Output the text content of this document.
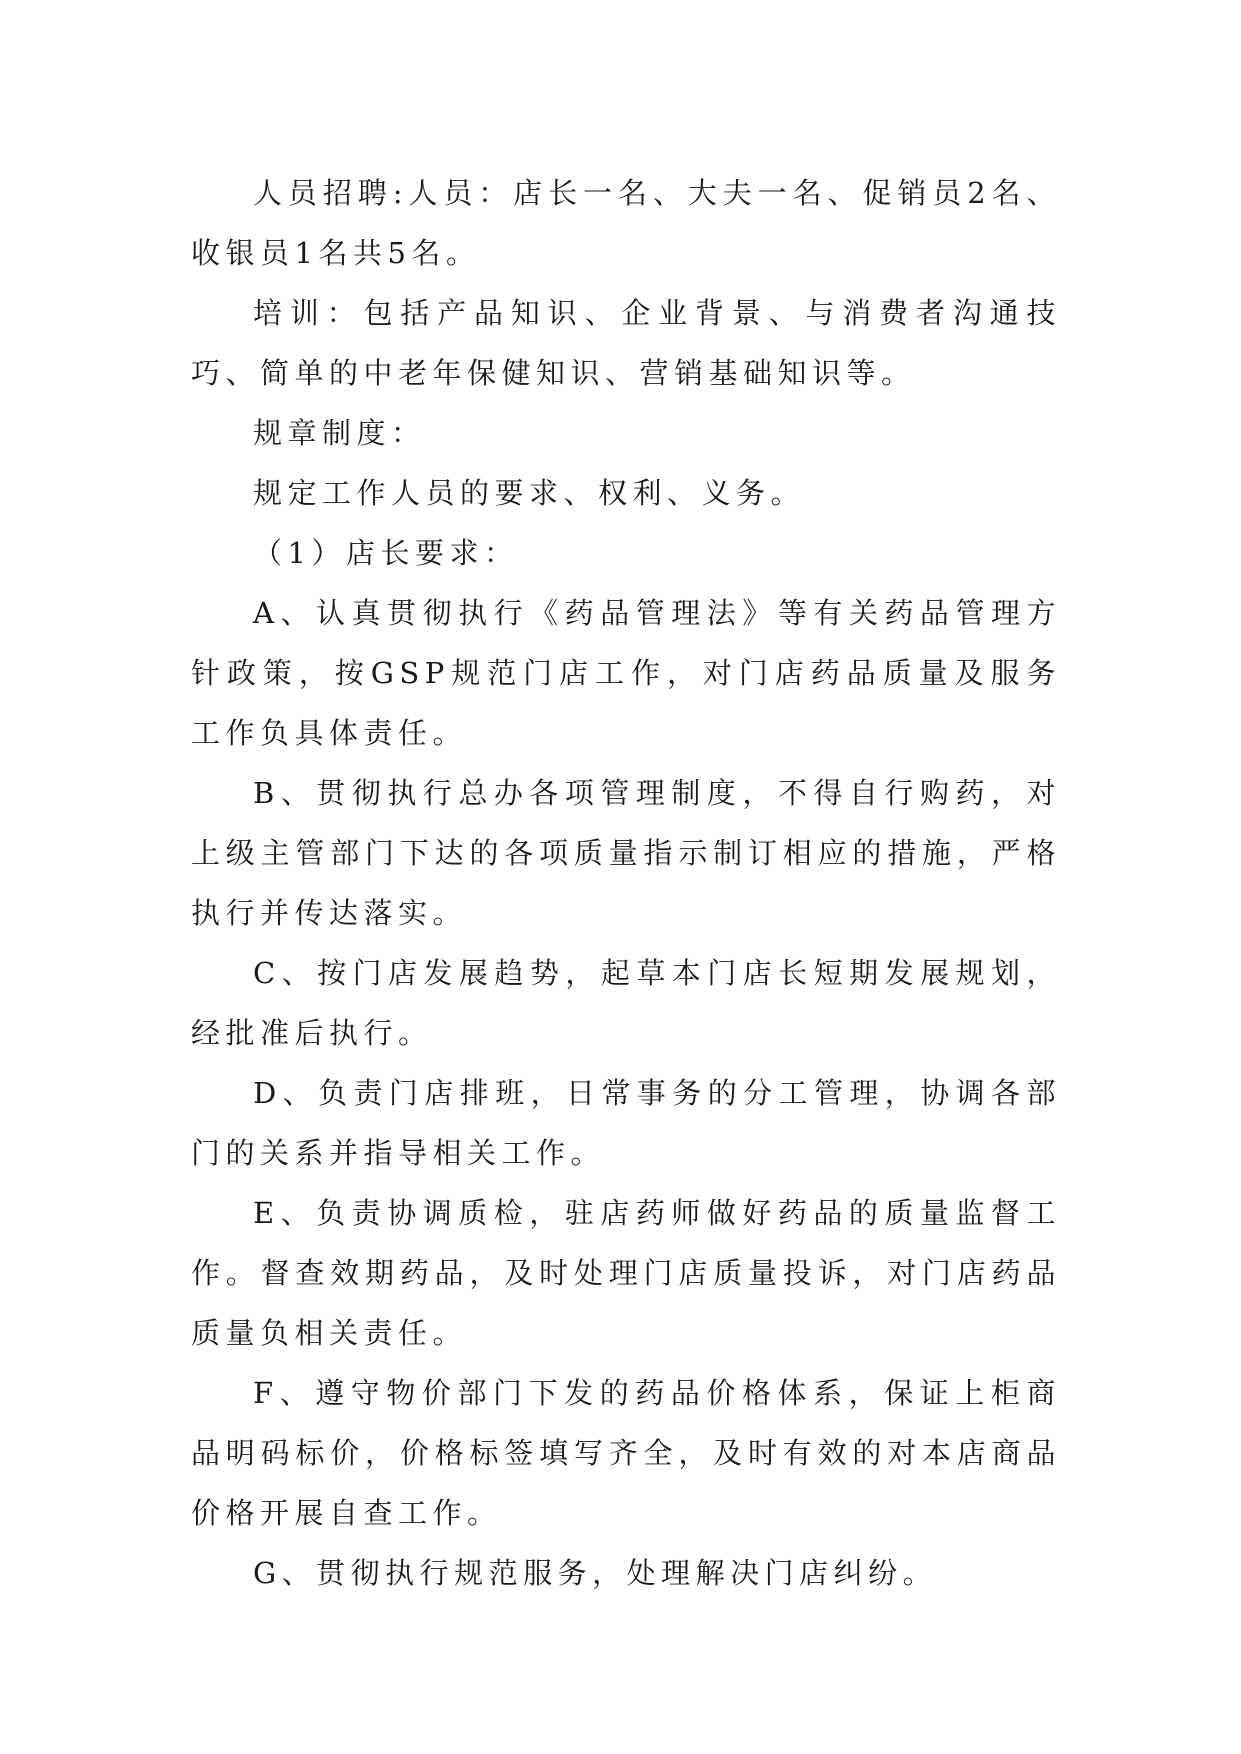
人员招聘:人员：店长一名、大夫一名、促销员2名、收银员1名共5名。

培训：包括产品知识、企业背景、与消费者沟通技巧、简单的中老年保健知识、营销基础知识等。

规章制度：

规定工作人员的要求、权利、义务。

（1）店长要求：

A、认真贯彻执行《药品管理法》等有关药品管理方针政策，按GSP规范门店工作，对门店药品质量及服务工作负具体责任。

B、贯彻执行总办各项管理制度，不得自行购药，对上级主管部门下达的各项质量指示制订相应的措施，严格执行并传达落实。

C、按门店发展趋势，起草本门店长短期发展规划，经批准后执行。

D、负责门店排班，日常事务的分工管理，协调各部门的关系并指导相关工作。

E、负责协调质检，驻店药师做好药品的质量监督工作。督查效期药品，及时处理门店质量投诉，对门店药品质量负相关责任。

F、遵守物价部门下发的药品价格体系，保证上柜商品明码标价，价格标签填写齐全，及时有效的对本店商品价格开展自查工作。

G、贯彻执行规范服务，处理解决门店纠纷。
